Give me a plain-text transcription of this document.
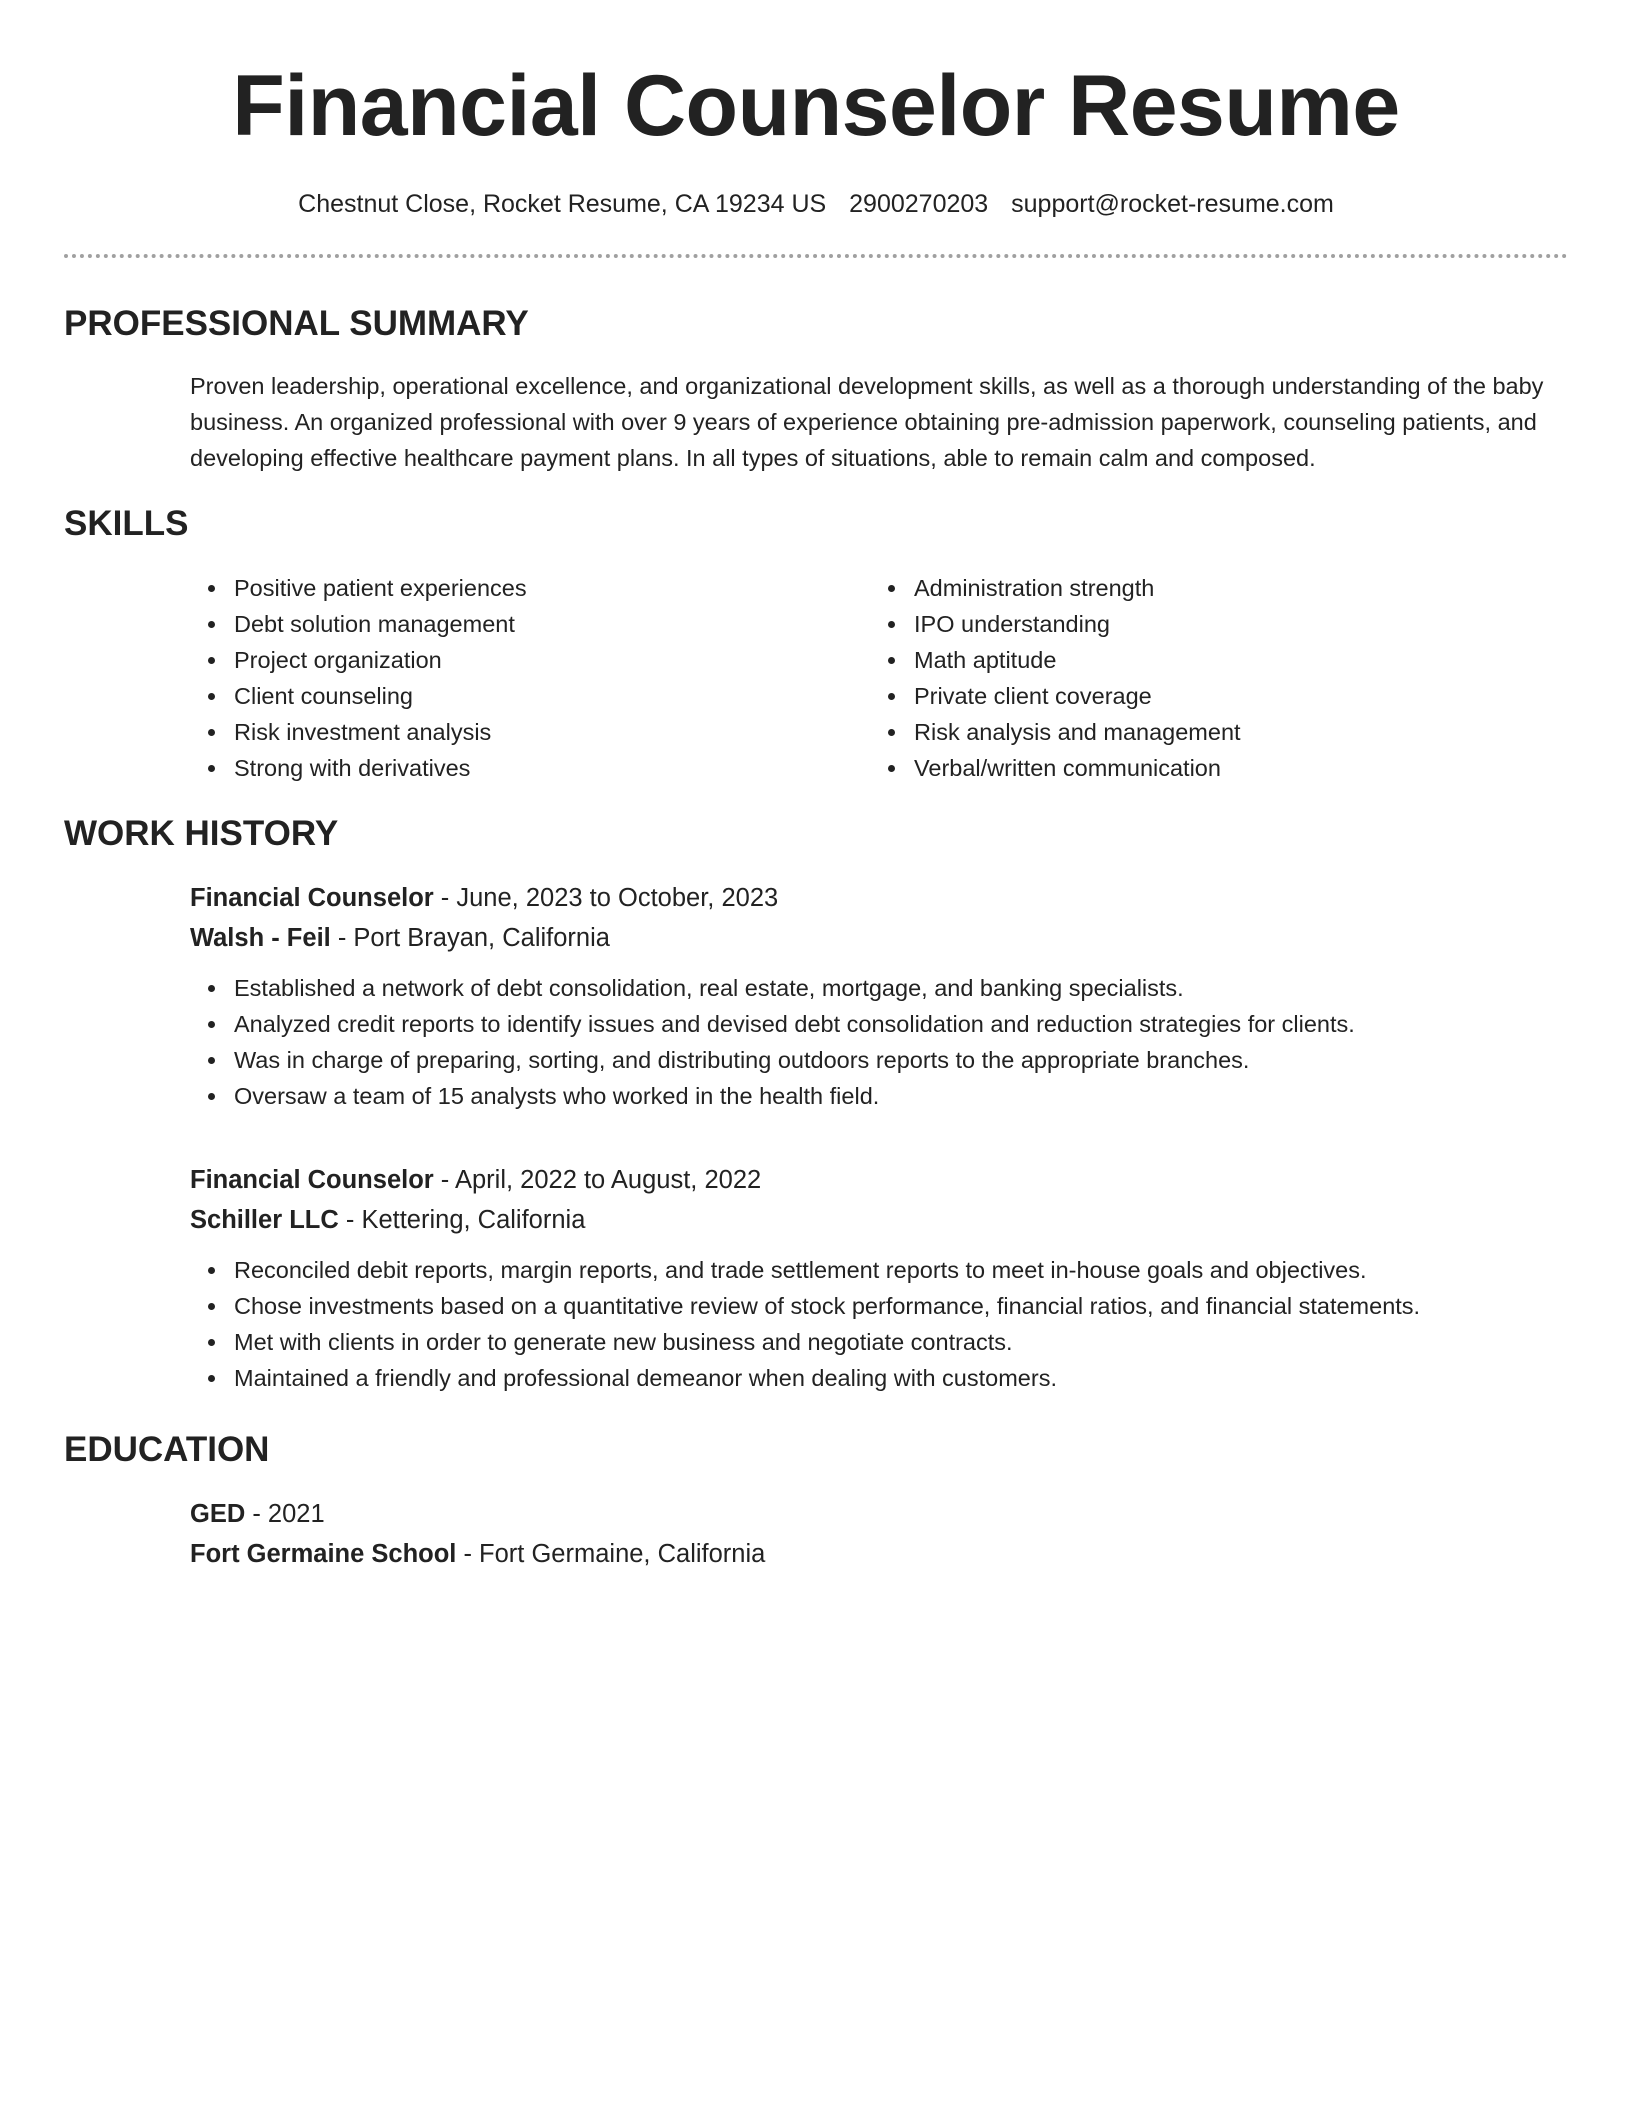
Financial Counselor Resume
Chestnut Close, Rocket Resume, CA 19234 US 2900270203 support@rocket-resume.com
PROFESSIONAL SUMMARY

Proven leadership, operational excellence, and organizational development skills, as well as a thorough understanding of the baby business. An organized professional with over 9 years of experience obtaining pre-admission paperwork, counseling patients, and developing effective healthcare payment plans. In all types of situations, able to remain calm and composed.

SKILLS
Positive patient experiences
Debt solution management
Project organization
Client counseling
Risk investment analysis
Strong with derivatives
Administration strength
IPO understanding
Math aptitude
Private client coverage
Risk analysis and management
Verbal/written communication
WORK HISTORY
Financial Counselor - June, 2023 to October, 2023
Walsh - Feil - Port Brayan, California
Established a network of debt consolidation, real estate, mortgage, and banking specialists.
Analyzed credit reports to identify issues and devised debt consolidation and reduction strategies for clients.
Was in charge of preparing, sorting, and distributing outdoors reports to the appropriate branches.
Oversaw a team of 15 analysts who worked in the health field.
Financial Counselor - April, 2022 to August, 2022
Schiller LLC - Kettering, California
Reconciled debit reports, margin reports, and trade settlement reports to meet in-house goals and objectives.
Chose investments based on a quantitative review of stock performance, financial ratios, and financial statements.
Met with clients in order to generate new business and negotiate contracts.
Maintained a friendly and professional demeanor when dealing with customers.
EDUCATION
GED - 2021
Fort Germaine School - Fort Germaine, California
